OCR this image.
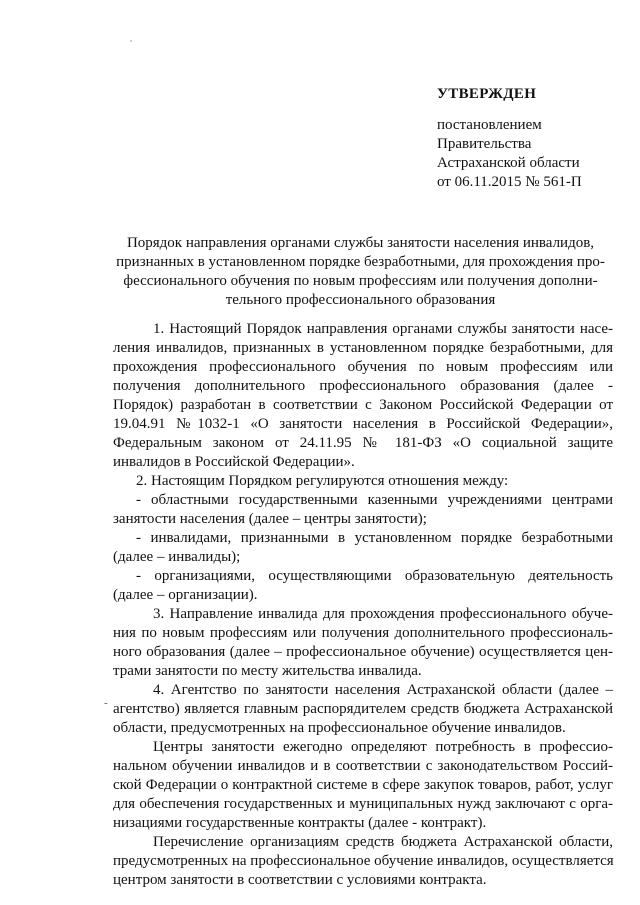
УТВЕРЖДЕН
постановлением
Правительства
Астраханской области
от 06.11.2015 № 561-П
Порядок направления органами службы занятости населения инвалидов,
признанных в установленном порядке безработными, для прохождения про-
фессионального обучения по новым профессиям или получения дополни-
тельного профессионального образования
-
1. Настоящий Порядок направления органами службы занятости насе-
ления инвалидов, признанных в установленном порядке безработными, для
прохождения профессионального обучения по новым профессиям или
получения дополнительного профессионального образования (далее -
Порядок) разработан в соответствии с Законом Российской Федерации от
19.04.91 №1032-1 «О занятости населения в Российской Федерации»,
Федеральным законом от 24.11.95 № 181-ФЗ «О социальной защите
инвалидов в Российской Федерации».
2. Настоящим Порядком регулируются отношения между:
- областными государственными казенными учреждениями центрами
занятости населения (далее – центры занятости);
- инвалидами, признанными в установленном порядке безработными
(далее – инвалиды);
- организациями, осуществляющими образовательную деятельность
(далее – организации).
3. Направление инвалида для прохождения профессионального обуче-
ния по новым профессиям или получения дополнительного профессиональ-
ного образования (далее – профессиональное обучение) осуществляется цен-
трами занятости по месту жительства инвалида.
4. Агентство по занятости населения Астраханской области (далее –
агентство) является главным распорядителем средств бюджета Астраханской
области, предусмотренных на профессиональное обучение инвалидов.
Центры занятости ежегодно определяют потребность в профессио-
нальном обучении инвалидов и в соответствии с законодательством Россий-
ской Федерации о контрактной системе в сфере закупок товаров, работ, услуг
для обеспечения государственных и муниципальных нужд заключают с орга-
низациями государственные контракты (далее - контракт).
Перечисление организациям средств бюджета Астраханской области,
предусмотренных на профессиональное обучение инвалидов, осуществляется
центром занятости в соответствии с условиями контракта.
